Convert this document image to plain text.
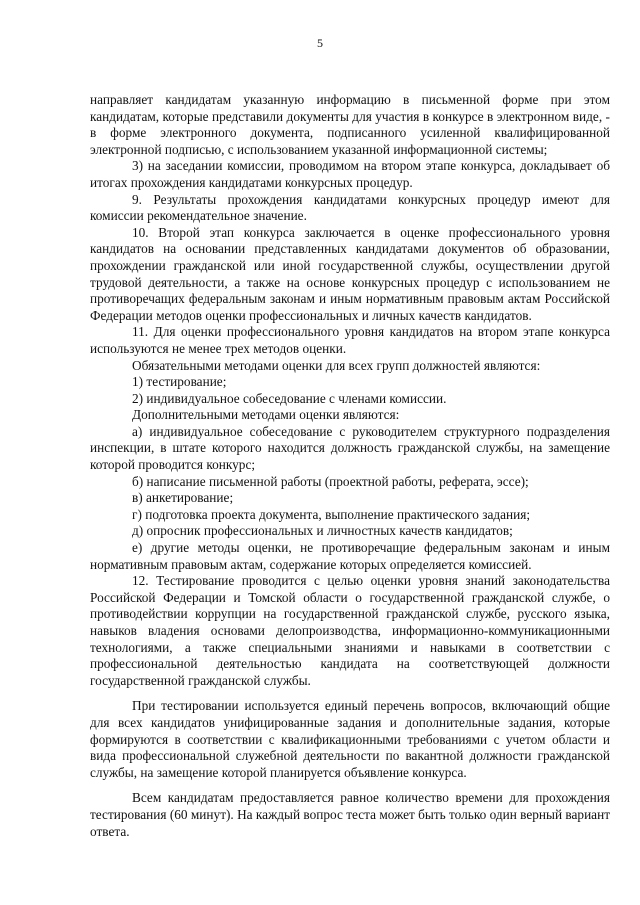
5

направляет кандидатам указанную информацию в письменной форме при этом кандидатам, которые представили документы для участия в конкурсе в электронном виде, - в форме электронного документа, подписанного усиленной квалифицированной электронной подписью, с использованием указанной информационной системы;

3) на заседании комиссии, проводимом на втором этапе конкурса, докладывает об итогах прохождения кандидатами конкурсных процедур.

9. Результаты прохождения кандидатами конкурсных процедур имеют для комиссии рекомендательное значение.

10. Второй этап конкурса заключается в оценке профессионального уровня кандидатов на основании представленных кандидатами документов об образовании, прохождении гражданской или иной государственной службы, осуществлении другой трудовой деятельности, а также на основе конкурсных процедур с использованием не противоречащих федеральным законам и иным нормативным правовым актам Российской Федерации методов оценки профессиональных и личных качеств кандидатов.

11. Для оценки профессионального уровня кандидатов на втором этапе конкурса используются не менее трех методов оценки.

Обязательными методами оценки для всех групп должностей являются:

1) тестирование;

2) индивидуальное собеседование с членами комиссии.

Дополнительными методами оценки являются:

а) индивидуальное собеседование с руководителем структурного подразделения инспекции, в штате которого находится должность гражданской службы, на замещение которой проводится конкурс;

б) написание письменной работы (проектной работы, реферата, эссе);

в) анкетирование;

г) подготовка проекта документа, выполнение практического задания;

д) опросник профессиональных и личностных качеств кандидатов;

е) другие методы оценки, не противоречащие федеральным законам и иным нормативным правовым актам, содержание которых определяется комиссией.

12. Тестирование проводится с целью оценки уровня знаний законодательства Российской Федерации и Томской области о государственной гражданской службе, о противодействии коррупции на государственной гражданской службе, русского языка, навыков владения основами делопроизводства, информационно-коммуникационными технологиями, а также специальными знаниями и навыками в соответствии с профессиональной деятельностью кандидата на соответствующей должности государственной гражданской службы.

При тестировании используется единый перечень вопросов, включающий общие для всех кандидатов унифицированные задания и дополнительные задания, которые формируются в соответствии с квалификационными требованиями с учетом области и вида профессиональной служебной деятельности по вакантной должности гражданской службы, на замещение которой планируется объявление конкурса.

Всем кандидатам предоставляется равное количество времени для прохождения тестирования (60 минут). На каждый вопрос теста может быть только один верный вариант ответа.
